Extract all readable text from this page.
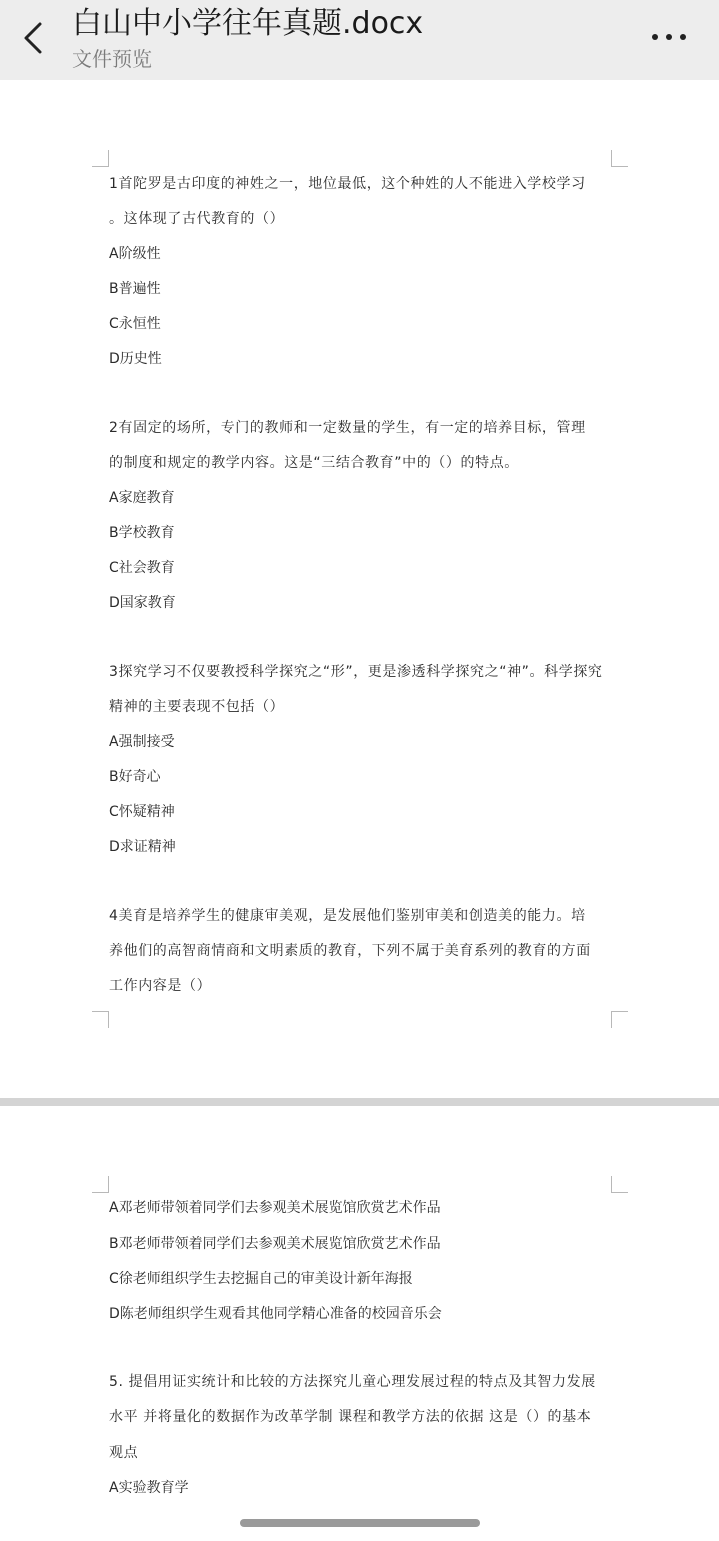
白山中小学往年真题.docx
文件预览
1首陀罗是古印度的神姓之一，地位最低，这个种姓的人不能进入学校学习
。这体现了古代教育的（）
A阶级性
B普遍性
C永恒性
D历史性
2有固定的场所，专门的教师和一定数量的学生，有一定的培养目标，管理
的制度和规定的教学内容。这是“三结合教育”中的（）的特点。
A家庭教育
B学校教育
C社会教育
D国家教育
3探究学习不仅要教授科学探究之“形”，更是渗透科学探究之“神”。科学探究
精神的主要表现不包括（）
A强制接受
B好奇心
C怀疑精神
D求证精神
4美育是培养学生的健康审美观，是发展他们鉴别审美和创造美的能力。培
养他们的高智商情商和文明素质的教育，下列不属于美育系列的教育的方面
工作内容是（）
A邓老师带领着同学们去参观美术展览馆欣赏艺术作品
B邓老师带领着同学们去参观美术展览馆欣赏艺术作品
C徐老师组织学生去挖掘自己的审美设计新年海报
D陈老师组织学生观看其他同学精心准备的校园音乐会
5. 提倡用证实统计和比较的方法探究儿童心理发展过程的特点及其智力发展
水平 并将量化的数据作为改革学制 课程和教学方法的依据 这是（）的基本
观点
A实验教育学
